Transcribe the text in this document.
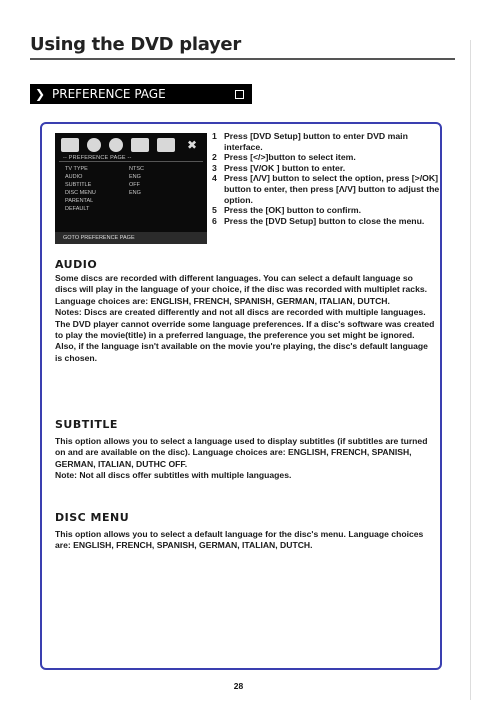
Using the DVD player
❯ PREFERENCE PAGE
✖
-- PREFERENCE PAGE --
TV TYPE	NTSC
AUDIO	ENG
SUBTITLE	OFF
DISC MENU	ENG
PARENTAL
DEFAULT
GOTO PREFERENCE PAGE
1 Press [DVD Setup] button to enter DVD main interface.
2 Press [</>]button to select item.
3 Press [V/OK ] button to enter.
4 Press [Λ/V] button to select the option, press [>/OK] button to enter, then press [Λ/V] button to adjust the option.
5 Press the [OK] button to confirm.
6 Press the [DVD Setup] button to close the menu.
AUDIO

Some discs are recorded with different languages. You can select a default language so discs will play in the language of your choice, if the disc was recorded with multiplet racks. Language choices are: ENGLISH, FRENCH, SPANISH, GERMAN, ITALIAN, DUTCH.

Notes: Discs are created differently and not all discs are recorded with multiple languages. The DVD player cannot override some language preferences. If a disc's software was created to play the movie(title) in a preferred language, the preference you set might be ignored.

Also, if the language isn't available on the movie you're playing, the disc's default language is chosen.

SUBTITLE

This option allows you to select a language used to display subtitles (if subtitles are turned on and are available on the disc). Language choices are: ENGLISH, FRENCH, SPANISH, GERMAN, ITALIAN, DUTHC OFF.

Note: Not all discs offer subtitles with multiple languages.

DISC MENU

This option allows you to select a default language for the disc's menu. Language choices are: ENGLISH, FRENCH, SPANISH, GERMAN, ITALIAN, DUTCH.

28
